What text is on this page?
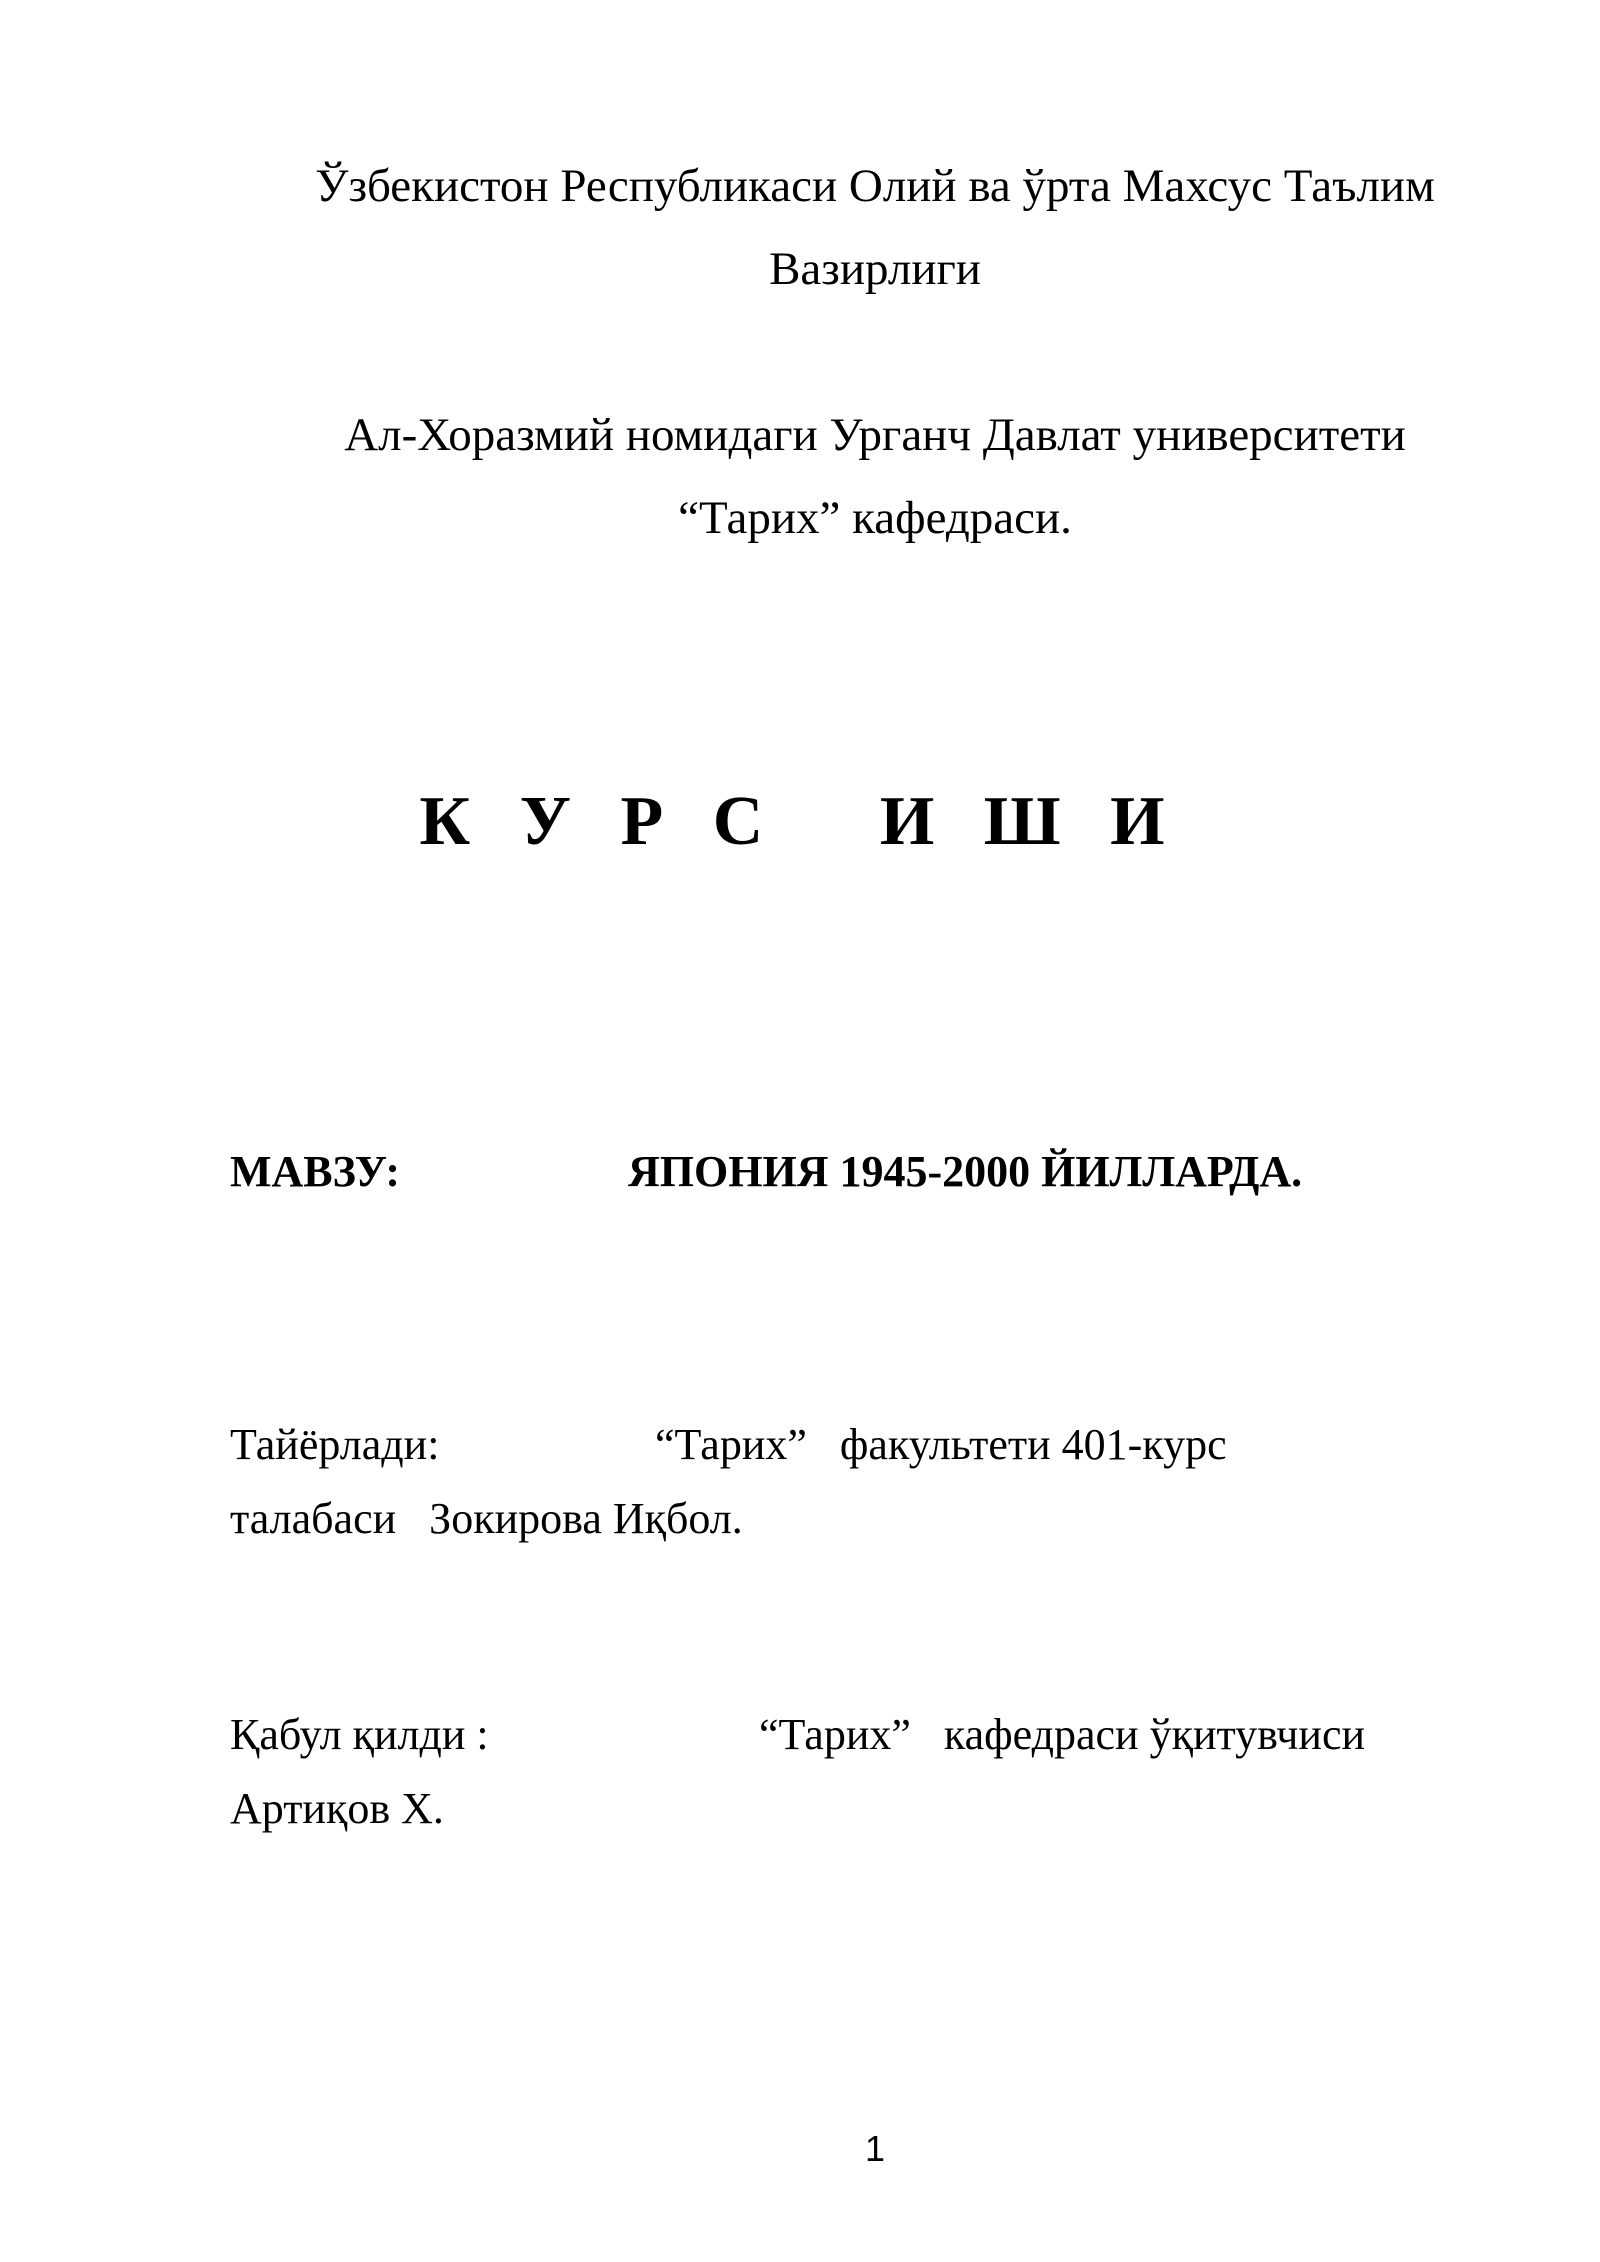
Ўзбекистон Республикаси Олий ва ўрта Махсус Таълим
Вазирлиги
Ал-Хоразмий номидаги Урганч Давлат университети
“Тарих” кафедраси.
К У Р С   И Ш И
МАВЗУ:	ЯПОНИЯ 1945-2000 ЙИЛЛАРДА.
Тайёрлади:	“Тарих”   факультети 401-курс
талабаси   Зокирова Иқбол.
Қабул қилди :	“Тарих”   кафедраси ўқитувчиси
Артиқов Х.
1
